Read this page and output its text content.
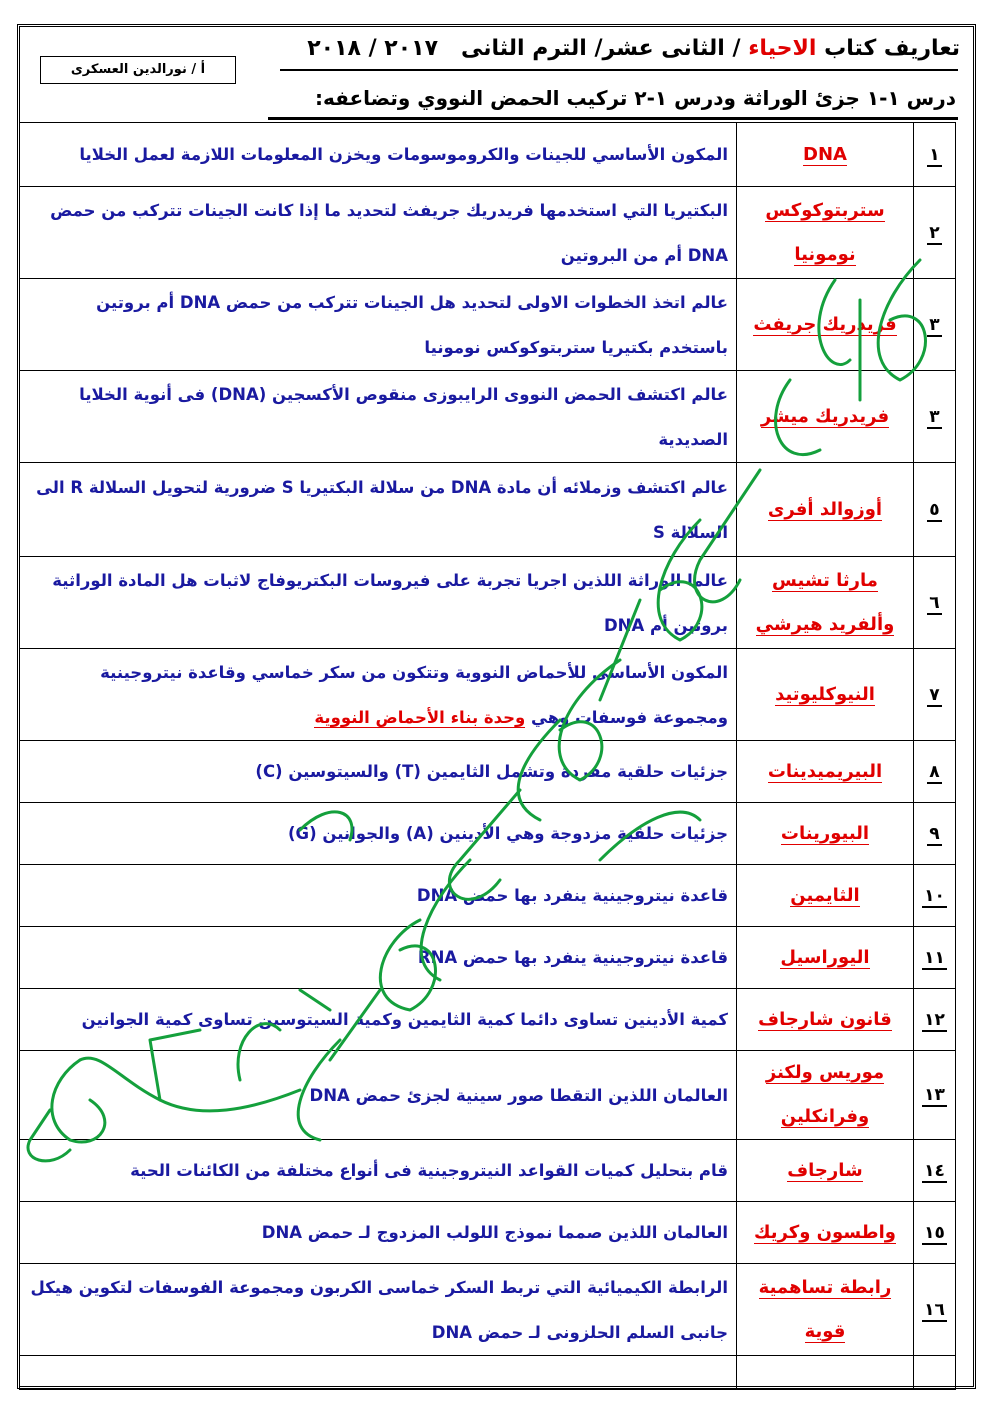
أ / نورالدين العسكرى
تعاريف كتاب الاحياء / الثانى عشر/ الترم الثانى   ٢٠١٧ / ٢٠١٨
درس ١-١ جزئ الوراثة ودرس ١-٢ تركيب الحمض النووي وتضاعفه:
١	DNA	المكون الأساسي للجينات والكروموسومات ويخزن المعلومات اللازمة لعمل الخلايا
٢	ستربتوكوكس نومونيا	البكتيريا التي استخدمها فريدريك جريفث لتحديد ما إذا كانت الجينات تتركب من حمض DNA أم من البروتين
٣	فريدريك جريفث	عالم اتخذ الخطوات الاولى لتحديد هل الجينات تتركب من حمض DNA أم بروتين باستخدم بكتيريا ستربتوكوكس نومونيا
٣	فريدريك ميشر	عالم اكتشف الحمض النووى الرايبوزى منقوص الأكسجين (DNA) فى أنوية الخلايا الصديدية
٥	أوزوالد أفرى	عالم اكتشف وزملائه أن مادة DNA من سلالة البكتيريا S ضرورية لتحويل السلالة R الى السلالة S
٦	مارثا تشيس وألفريد هيرشي	عالما الوراثة اللذين اجريا تجربة على فيروسات البكتريوفاج لاثبات هل المادة الوراثية بروتين أم DNA
٧	النيوكليوتيد	المكون الأساسى للأحماض النووية وتتكون من سكر خماسي وقاعدة نيتروجينية ومجموعة فوسفات وهي وحدة بناء الأحماض النووية
٨	البيريميدينات	جزئيات حلقية مفردة وتشمل الثايمين (T) والسيتوسين (C)
٩	البيورينات	جزئيات حلقية مزدوجة وهي الأدينين (A) والجوانين (G)
١٠	الثايمين	قاعدة نيتروجينية ينفرد بها حمض DNA
١١	اليوراسيل	قاعدة نيتروجينية ينفرد بها حمض RNA
١٢	قانون شارجاف	كمية الأدينين تساوى دائما كمية الثايمين وكمية السيتوسين تساوى كمية الجوانين
١٣	موريس ولكنز وفرانكلين	العالمان اللذين التقطا صور سينية لجزئ حمض DNA
١٤	شارجاف	قام بتحليل كميات القواعد النيتروجينية فى أنواع مختلفة من الكائنات الحية
١٥	واطسون وكريك	العالمان اللذين صمما نموذج اللولب المزدوج لـ حمض DNA
١٦	رابطة تساهمية قوية	الرابطة الكيميائية التي تربط السكر خماسى الكربون ومجموعة الفوسفات لتكوين هيكل جانبى السلم الحلزونى لـ حمض DNA
